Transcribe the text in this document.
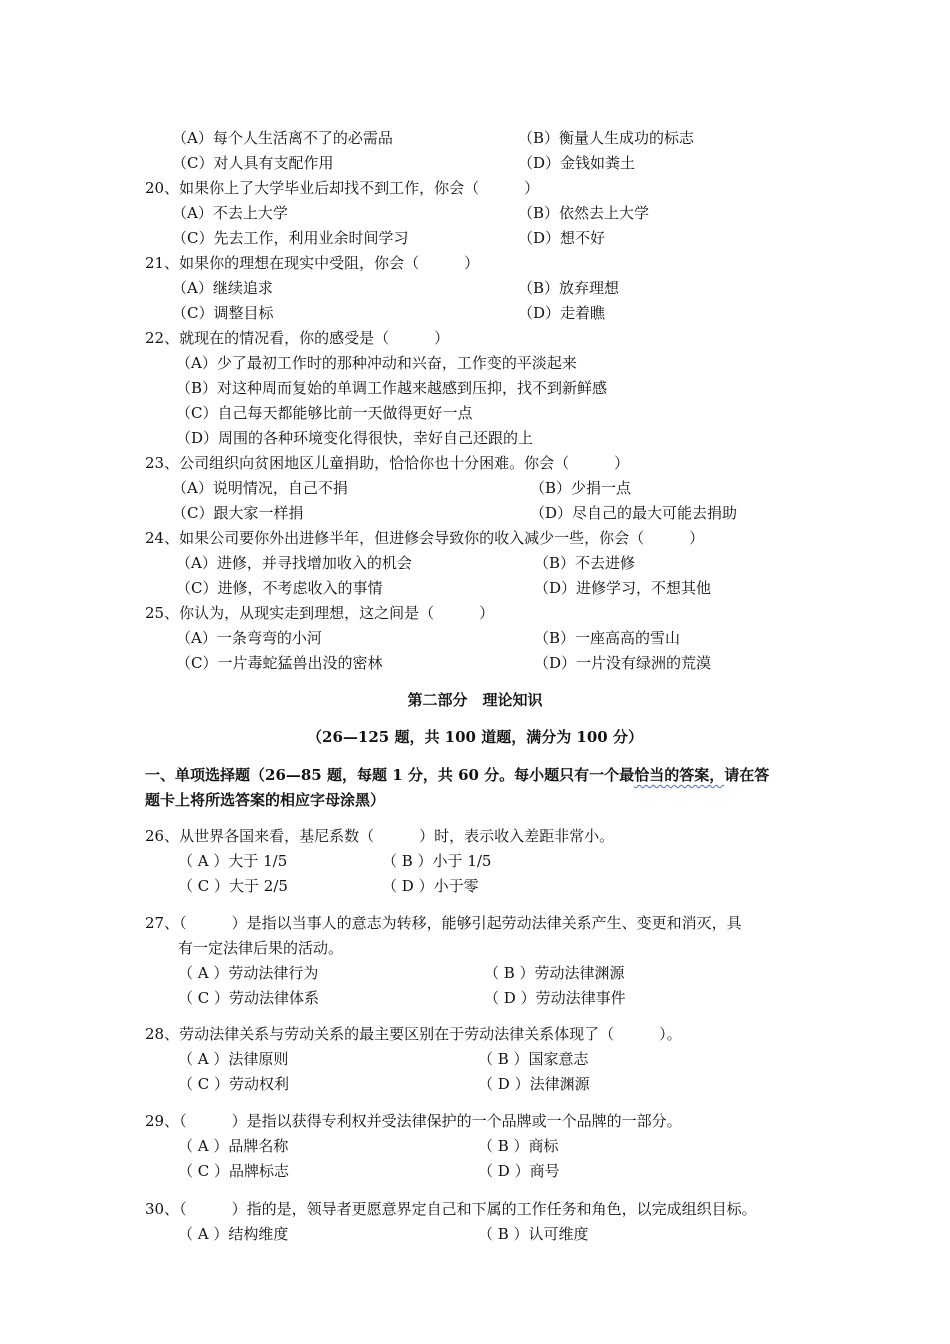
（A）每个人生活离不了的必需品	（B）衡量人生成功的标志
（C）对人具有支配作用	（D）金钱如粪土
20、如果你上了大学毕业后却找不到工作，你会（　　　）
（A）不去上大学	（B）依然去上大学
（C）先去工作，利用业余时间学习	（D）想不好
21、如果你的理想在现实中受阻，你会（　　　）
（A）继续追求	（B）放弃理想
（C）调整目标	（D）走着瞧
22、就现在的情况看，你的感受是（　　　）
（A）少了最初工作时的那种冲动和兴奋，工作变的平淡起来
（B）对这种周而复始的单调工作越来越感到压抑，找不到新鲜感
（C）自己每天都能够比前一天做得更好一点
（D）周围的各种环境变化得很快，幸好自己还跟的上
23、公司组织向贫困地区儿童捐助，恰恰你也十分困难。你会（　　　）
（A）说明情况，自己不捐	（B）少捐一点
（C）跟大家一样捐	（D）尽自己的最大可能去捐助
24、如果公司要你外出进修半年，但进修会导致你的收入减少一些，你会（　　　）
（A）进修，并寻找增加收入的机会	（B）不去进修
（C）进修，不考虑收入的事情	（D）进修学习，不想其他
25、你认为，从现实走到理想，这之间是（　　　）
（A）一条弯弯的小河	（B）一座高高的雪山
（C）一片毒蛇猛兽出没的密林	（D）一片没有绿洲的荒漠
第二部分　理论知识
（26—125 题，共 100 道题，满分为 100 分）
一、单项选择题（26—85 题，每题 1 分，共 60 分。每小题只有一个最恰当的答案，请在答
题卡上将所选答案的相应字母涂黑）
26、从世界各国来看，基尼系数（　　　）时，表示收入差距非常小。
（ A ）大于 1/5	（ B ）小于 1/5
（ C ）大于 2/5	（ D ）小于零
27、（　　　）是指以当事人的意志为转移，能够引起劳动法律关系产生、变更和消灭，具
有一定法律后果的活动。
（ A ）劳动法律行为	（ B ）劳动法律渊源
（ C ）劳动法律体系	（ D ）劳动法律事件
28、劳动法律关系与劳动关系的最主要区别在于劳动法律关系体现了（　　　）。
（ A ）法律原则	（ B ）国家意志
（ C ）劳动权利	（ D ）法律渊源
29、（　　　）是指以获得专利权并受法律保护的一个品牌或一个品牌的一部分。
（ A ）品牌名称	（ B ）商标
（ C ）品牌标志	（ D ）商号
30、（　　　）指的是，领导者更愿意界定自己和下属的工作任务和角色，以完成组织目标。
（ A ）结构维度	（ B ）认可维度
